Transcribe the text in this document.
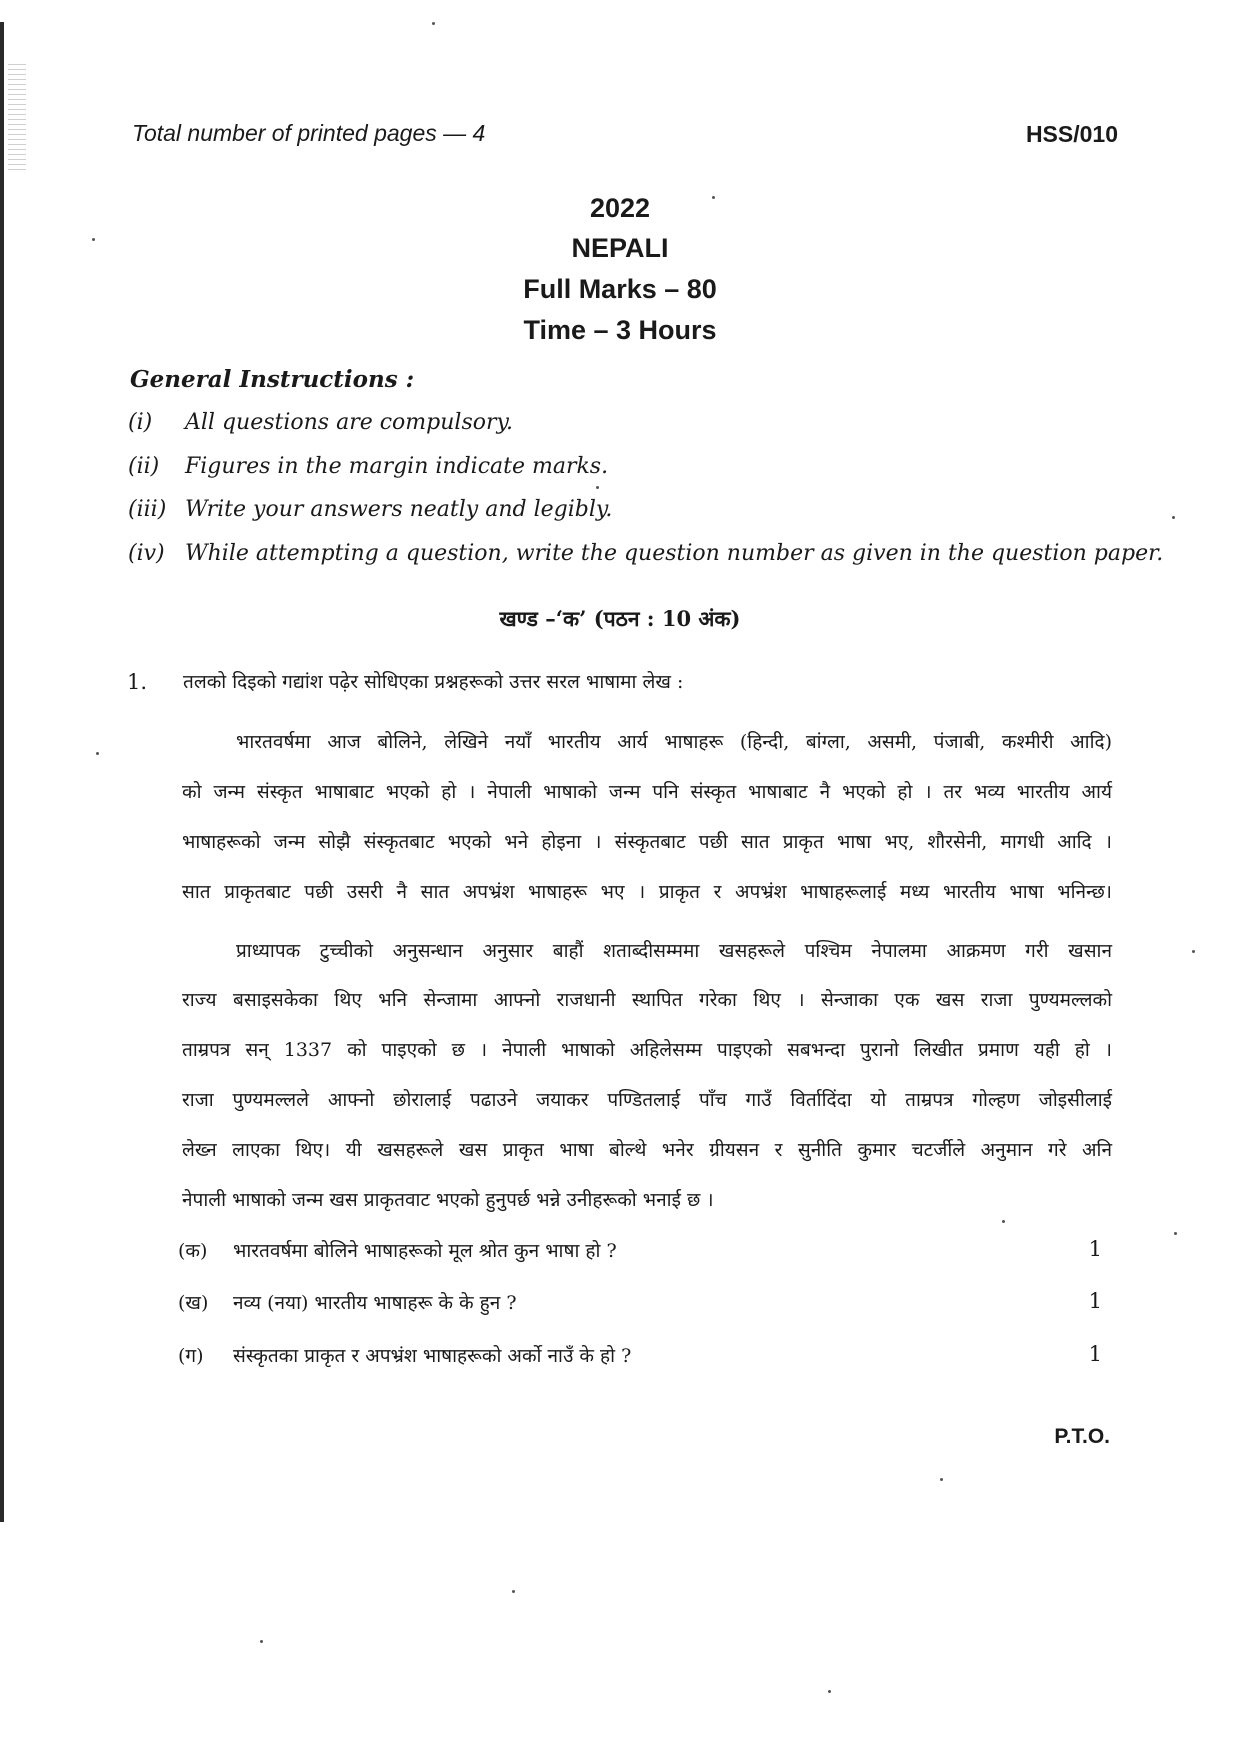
Total number of printed pages — 4	HSS/010
2022
NEPALI
Full Marks – 80
Time – 3 Hours
General Instructions :
(i) All questions are compulsory.
(ii) Figures in the margin indicate marks.
(iii) Write your answers neatly and legibly.
(iv) While attempting a question, write the question number as given in the question paper.
खण्ड –‘क’ (पठन : 10 अंक)
1. तलको दिइको गद्यांश पढ़ेर सोधिएका प्रश्नहरूको उत्तर सरल भाषामा लेख :
भारतवर्षमा आज बोलिने, लेखिने नयाँ भारतीय आर्य भाषाहरू (हिन्दी, बांग्ला, असमी, पंजाबी, कश्मीरी आदि)
को जन्म संस्कृत भाषाबाट भएको हो । नेपाली भाषाको जन्म पनि संस्कृत भाषाबाट नै भएको हो । तर भव्य भारतीय आर्य
भाषाहरूको जन्म सोझै संस्कृतबाट भएको भने होइना । संस्कृतबाट पछी सात प्राकृत भाषा भए, शौरसेनी, मागधी आदि ।
सात प्राकृतबाट पछी उसरी नै सात अपभ्रंश भाषाहरू भए । प्राकृत र अपभ्रंश भाषाहरूलाई मध्य भारतीय भाषा भनिन्छ।
प्राध्यापक टुच्चीको अनुसन्धान अनुसार बाहौं शताब्दीसम्ममा खसहरूले पश्चिम नेपालमा आक्रमण गरी खसान
राज्य बसाइसकेका थिए भनि सेन्जामा आफ्नो राजधानी स्थापित गरेका थिए । सेन्जाका एक खस राजा पुण्यमल्लको
ताम्रपत्र सन् 1337 को पाइएको छ । नेपाली भाषाको अहिलेसम्म पाइएको सबभन्दा पुरानो लिखीत प्रमाण यही हो ।
राजा पुण्यमल्लले आफ्नो छोरालाई पढाउने जयाकर पण्डितलाई पाँच गाउँ विर्तादिंदा यो ताम्रपत्र गोल्हण जोइसीलाई
लेख्न लाएका थिए। यी खसहरूले खस प्राकृत भाषा बोल्थे भनेर ग्रीयसन र सुनीति कुमार चटर्जीले अनुमान गरे अनि
नेपाली भाषाको जन्म खस प्राकृतवाट भएको हुनुपर्छ भन्ने उनीहरूको भनाई छ ।
(क) भारतवर्षमा बोलिने भाषाहरूको मूल श्रोत कुन भाषा हो ?	1
(ख) नव्य (नया) भारतीय भाषाहरू के के हुन ?	1
(ग) संस्कृतका प्राकृत र अपभ्रंश भाषाहरूको अर्को नाउँ के हो ?	1
P.T.O.
